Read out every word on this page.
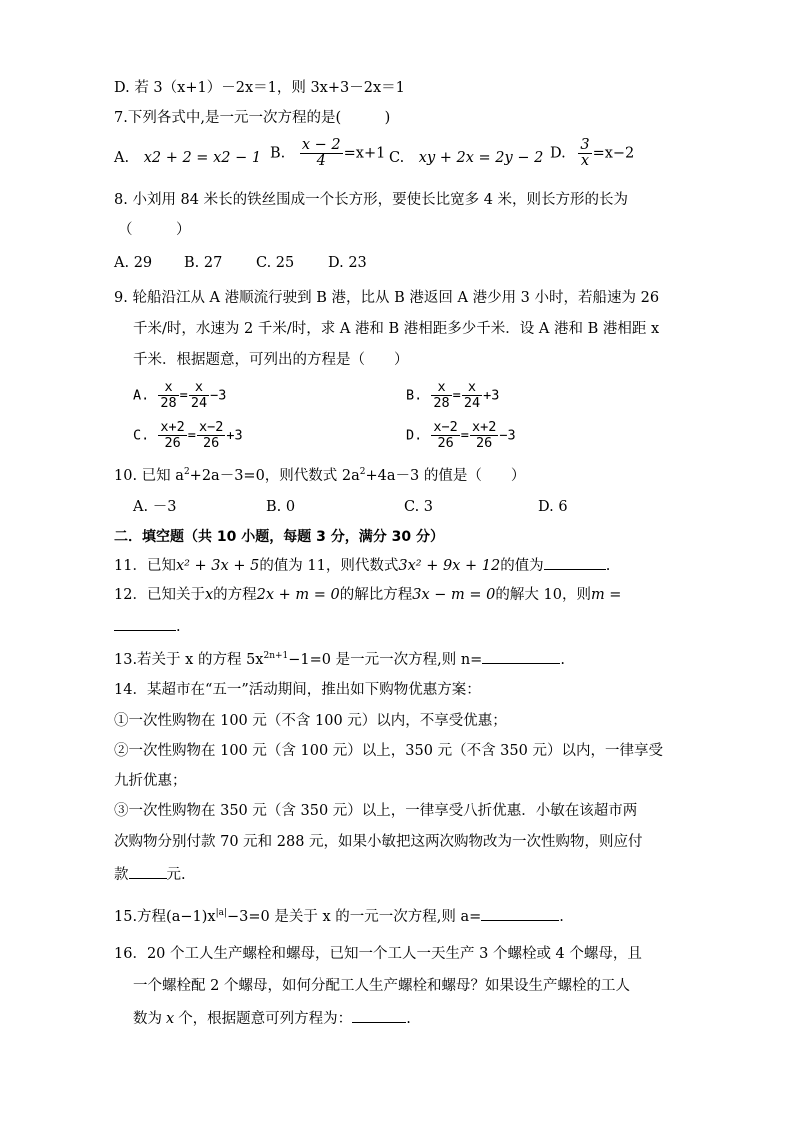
D. 若 3（x+1）－2x＝1，则 3x+3－2x＝1
7.下列各式中,是一元一次方程的是(　　　)
A. x2 + 2 = x2 − 1 B. $\frac{x - 2}{4} =x+1$ C. xy + 2x = 2y − 2 D. $\frac{3}{x} =x-2$
8. 小刘用 84 米长的铁丝围成一个长方形，要使长比宽多 4 米，则长方形的长为
（　　　）
A. 29 B. 27 C. 25 D. 23
9. 轮船沿江从 A 港顺流行驶到 B 港，比从 B 港返回 A 港少用 3 小时，若船速为 26
千米/时，水速为 2 千米/时，求 A 港和 B 港相距多少千米．设 A 港和 B 港相距 x
千米．根据题意，可列出的方程是（　　）
A. $\frac{x}{28} = \frac{x}{24} -3$	B. $\frac{x}{28} = \frac{x}{24} +3$
C. $\frac{x+2}{26} = \frac{x-2}{26} +3$	D. $\frac{x-2}{26} = \frac{x+2}{26} -3$
10. 已知 $a^2+2a-3=0$，则代数式 $2a^2+4a-3$ 的值是（　　）
A. －3	B. 0	C. 3	D. 6
二．填空题（共 10 小题，每题 3 分，满分 30 分）
11．已知x² + 3x + 5的值为 11，则代数式3x² + 9x + 12的值为	.
12．已知关于x的方程2x + m = 0的解比方程3x − m = 0的解大 10，则m =
.
13.若关于 x 的方程 $5x^{2n+1}-1=0$ 是一元一次方程,则 n=	.
14．某超市在“五一”活动期间，推出如下购物优惠方案：
①一次性购物在 100 元（不含 100 元）以内，不享受优惠；
②一次性购物在 100 元（含 100 元）以上，350 元（不含 350 元）以内，一律享受
九折优惠；
③一次性购物在 350 元（含 350 元）以上，一律享受八折优惠．小敏在该超市两
次购物分别付款 70 元和 288 元，如果小敏把这两次购物改为一次性购物，则应付
款	元.
15.方程$(a-1)x^{|a|}-3=0$ 是关于 x 的一元一次方程,则 a=	.
16．20 个工人生产螺栓和螺母，已知一个工人一天生产 3 个螺栓或 4 个螺母，且
一个螺栓配 2 个螺母，如何分配工人生产螺栓和螺母？如果设生产螺栓的工人
数为 x 个，根据题意可列方程为：	.
